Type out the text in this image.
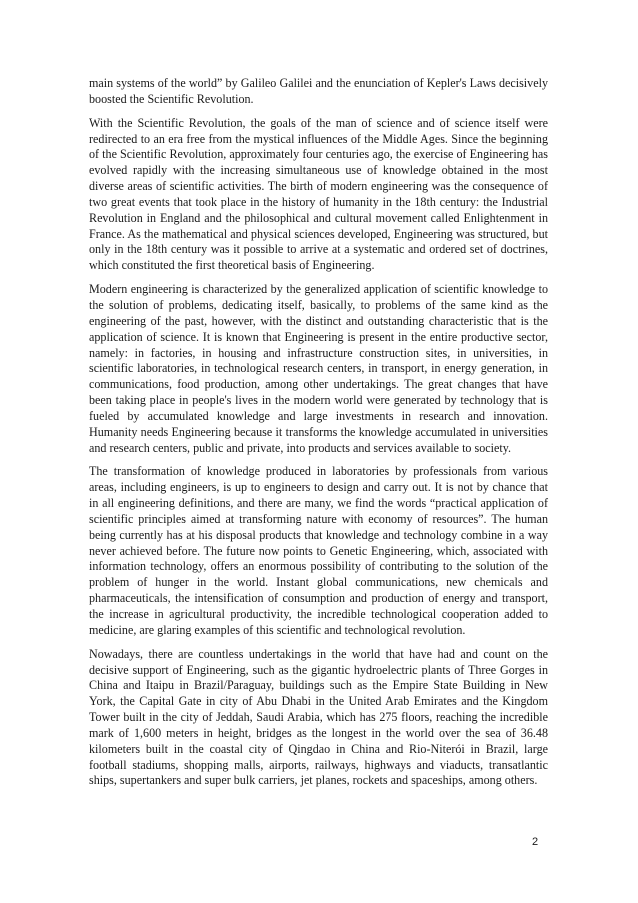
main systems of the world” by Galileo Galilei and the enunciation of Kepler's Laws decisively boosted the Scientific Revolution.

With the Scientific Revolution, the goals of the man of science and of science itself were redirected to an era free from the mystical influences of the Middle Ages. Since the beginning of the Scientific Revolution, approximately four centuries ago, the exercise of Engineering has evolved rapidly with the increasing simultaneous use of knowledge obtained in the most diverse areas of scientific activities. The birth of modern engineering was the consequence of two great events that took place in the history of humanity in the 18th century: the Industrial Revolution in England and the philosophical and cultural movement called Enlightenment in France. As the mathematical and physical sciences developed, Engineering was structured, but only in the 18th century was it possible to arrive at a systematic and ordered set of doctrines, which constituted the first theoretical basis of Engineering.

Modern engineering is characterized by the generalized application of scientific knowledge to the solution of problems, dedicating itself, basically, to problems of the same kind as the engineering of the past, however, with the distinct and outstanding characteristic that is the application of science. It is known that Engineering is present in the entire productive sector, namely: in factories, in housing and infrastructure construction sites, in universities, in scientific laboratories, in technological research centers, in transport, in energy generation, in communications, food production, among other undertakings. The great changes that have been taking place in people's lives in the modern world were generated by technology that is fueled by accumulated knowledge and large investments in research and innovation. Humanity needs Engineering because it transforms the knowledge accumulated in universities and research centers, public and private, into products and services available to society.

The transformation of knowledge produced in laboratories by professionals from various areas, including engineers, is up to engineers to design and carry out. It is not by chance that in all engineering definitions, and there are many, we find the words “practical application of scientific principles aimed at transforming nature with economy of resources”. The human being currently has at his disposal products that knowledge and technology combine in a way never achieved before. The future now points to Genetic Engineering, which, associated with information technology, offers an enormous possibility of contributing to the solution of the problem of hunger in the world. Instant global communications, new chemicals and pharmaceuticals, the intensification of consumption and production of energy and transport, the increase in agricultural productivity, the incredible technological cooperation added to medicine, are glaring examples of this scientific and technological revolution.

Nowadays, there are countless undertakings in the world that have had and count on the decisive support of Engineering, such as the gigantic hydroelectric plants of Three Gorges in China and Itaipu in Brazil/Paraguay, buildings such as the Empire State Building in New York, the Capital Gate in city of Abu Dhabi in the United Arab Emirates and the Kingdom Tower built in the city of Jeddah, Saudi Arabia, which has 275 floors, reaching the incredible mark of 1,600 meters in height, bridges as the longest in the world over the sea of 36.48 kilometers built in the coastal city of Qingdao in China and Rio-Niterói in Brazil, large football stadiums, shopping malls, airports, railways, highways and viaducts, transatlantic ships, supertankers and super bulk carriers, jet planes, rockets and spaceships, among others.

2
